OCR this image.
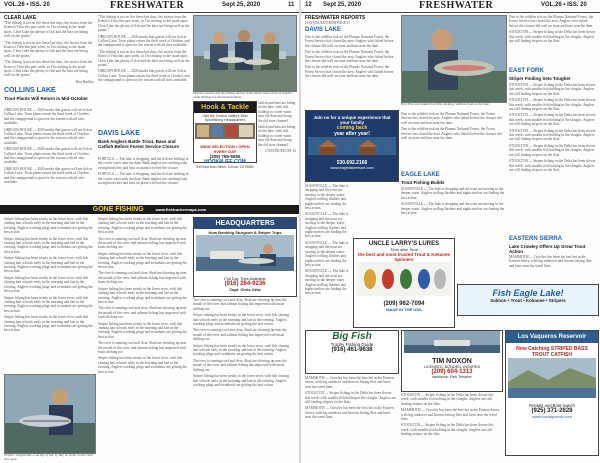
VOL.26 • ISS. 20	FRESHWATER	Sept 25, 2020	11
CLEAR LAKE

"The fishing is not on fire these last days, the stories from the Konocti Vista this past week, so I'm sticking to the usual spots. Clear Lake has plenty of fish and the bass are biting well on the points."

"The fishing is not on fire these last days, the stories from the Konocti Vista this past week, so I'm sticking to the usual spots. Clear Lake has plenty of fish and the bass are biting well on the points."

"The fishing is not on fire these last days, the stories from the Konocti Vista this past week, so I'm sticking to the usual spots. Clear Lake has plenty of fish and the bass are biting well on the points."

Dan Buckley
COLLINS LAKE
Trout Plants Will Return in Mid-October

OREGON HOUSE — 2020 marks that guests will see fish at Collins Lake. Trout plants return the third week of October, and the campground is open for the season with all sites available.

OREGON HOUSE — 2020 marks that guests will see fish at Collins Lake. Trout plants return the third week of October, and the campground is open for the season with all sites available.

OREGON HOUSE — 2020 marks that guests will see fish at Collins Lake. Trout plants return the third week of October, and the campground is open for the season with all sites available.

OREGON HOUSE — 2020 marks that guests will see fish at Collins Lake. Trout plants return the third week of October, and the campground is open for the season with all sites available.

"The fishing is not on fire these last days, the stories from the Konocti Vista this past week, so I'm sticking to the usual spots. Clear Lake has plenty of fish and the bass are biting well on the points."

OREGON HOUSE — 2020 marks that guests will see fish at Collins Lake. Trout plants return the third week of October, and the campground is open for the season with all sites available.

"The fishing is not on fire these last days, the stories from the Konocti Vista this past week, so I'm sticking to the usual spots. Clear Lake has plenty of fish and the bass are biting well on the points."

OREGON HOUSE — 2020 marks that guests will see fish at Collins Lake. Trout plants return the third week of October, and the campground is open for the season with all sites available.

DAVIS LAKE
Bank Anglers Battle Trout, Bass and Catfish Before Forest Service Closure

PORTOLA — The lake is dropping, and the fish are holding in the cooler water near the dam. Bank anglers are catching trout on nightcrawlers and bass on plastics before the closure.

PORTOLA — The lake is dropping, and the fish are holding in the cooler water near the dam. Bank anglers are catching trout on nightcrawlers and bass on plastics before the closure.

Stephen Garcia and his fishing partner from Dixon land a trio of stripers while drifting the Sacramento River.
Hook & Tackle
Visit the Central Valley's Best Sportfishing Headquarters
WIDE SELECTION • OPEN EVERY DAY
(209) 795-5555
HOOK4LIFE.COM
550 East Main Street, Turlock, CA 95380

catfish and bass are biting on the lake, with fish holding in cooler water near the dam and along the old river channel.

catfish and bass are biting on the lake, with fish holding in cooler water near the dam and along the old river channel.

CONTINUED ON 16

GONE FISHING	www.fishtrackermaps.com

Striper fishing has been steady in the lower river, with fish chasing bait schools early in the morning and late in the evening. Anglers working plugs and swimbaits are getting the best action.

Striper fishing has been steady in the lower river, with fish chasing bait schools early in the morning and late in the evening. Anglers working plugs and swimbaits are getting the best action.

Striper fishing has been steady in the lower river, with fish chasing bait schools early in the morning and late in the evening. Anglers working plugs and swimbaits are getting the best action.

Striper fishing has been steady in the lower river, with fish chasing bait schools early in the morning and late in the evening. Anglers working plugs and swimbaits are getting the best action.

Striper fishing has been steady in the lower river, with fish chasing bait schools early in the morning and late in the evening. Anglers working plugs and swimbaits are getting the best action.

Striper fishing has been steady in the lower river, with fish chasing bait schools early in the morning and late in the evening. Anglers working plugs and swimbaits are getting the best action.

Stripers will provide a variety of fun, by day or night, on the river this week.

Striper fishing has been steady in the lower river, with fish chasing bait schools early in the morning and late in the evening. Anglers working plugs and swimbaits are getting the best action.

The river is running cool and clear. Shad are showing up near the mouth of the river, and salmon fishing has improved with boats drifting roe.

Striper fishing has been steady in the lower river, with fish chasing bait schools early in the morning and late in the evening. Anglers working plugs and swimbaits are getting the best action.

The river is running cool and clear. Shad are showing up near the mouth of the river, and salmon fishing has improved with boats drifting roe.

Striper fishing has been steady in the lower river, with fish chasing bait schools early in the morning and late in the evening. Anglers working plugs and swimbaits are getting the best action.

The river is running cool and clear. Shad are showing up near the mouth of the river, and salmon fishing has improved with boats drifting roe.

Striper fishing has been steady in the lower river, with fish chasing bait schools early in the morning and late in the evening. Anglers working plugs and swimbaits are getting the best action.

The river is running cool and clear. Shad are showing up near the mouth of the river, and salmon fishing has improved with boats drifting roe.

Striper fishing has been steady in the lower river, with fish chasing bait schools early in the morning and late in the evening. Anglers working plugs and swimbaits are getting the best action.

HEADQUARTERS
Now Booking Sturgeon & Striper Trips
Full Day Trips Available
(916) 264-9236
Capt. Chris Ortiz

The river is running cool and clear. Shad are showing up near the mouth of the river, and salmon fishing has improved with boats drifting roe.

Striper fishing has been steady in the lower river, with fish chasing bait schools early in the morning and late in the evening. Anglers working plugs and swimbaits are getting the best action.

The river is running cool and clear. Shad are showing up near the mouth of the river, and salmon fishing has improved with boats drifting roe.

Striper fishing has been steady in the lower river, with fish chasing bait schools early in the morning and late in the evening. Anglers working plugs and swimbaits are getting the best action.

The river is running cool and clear. Shad are showing up near the mouth of the river, and salmon fishing has improved with boats drifting roe.

Striper fishing has been steady in the lower river, with fish chasing bait schools early in the morning and late in the evening. Anglers working plugs and swimbaits are getting the best action.

12 Sept 25, 2020	FRESHWATER	VOL.26 • ISS. 20
FRESHWATER REPORTS
CONTINUED FROM PAGE 11
DAVIS LAKE

Due to the wildfire risk on the Plumas National Forest, the Forest Service has closed the area. Anglers who fished before the closure did well on trout and bass near the dam.

Due to the wildfire risk on the Plumas National Forest, the Forest Service has closed the area. Anglers who fished before the closure did well on trout and bass near the dam.

Due to the wildfire risk on the Plumas National Forest, the Forest Service has closed the area. Anglers who fished before the closure did well on trout and bass near the dam.

Nick Eberson landed this fishy-looking rainbow trout on the lake.

Due to the wildfire risk on the Plumas National Forest, the Forest Service has closed the area. Anglers who fished before the closure did well on trout and bass near the dam.

STOCKTON — Striper fishing in the Delta has been slower this week, with smaller fish holding in the sloughs. Anglers are still finding stripers on the flats.

EAST FORK
Striper Finding Sets Tougher

STOCKTON — Striper fishing in the Delta has been slower this week, with smaller fish holding in the sloughs. Anglers are still finding stripers on the flats.

STOCKTON — Striper fishing in the Delta has been slower this week, with smaller fish holding in the sloughs. Anglers are still finding stripers on the flats.

STOCKTON — Striper fishing in the Delta has been slower this week, with smaller fish holding in the sloughs. Anglers are still finding stripers on the flats.

STOCKTON — Striper fishing in the Delta has been slower this week, with smaller fish holding in the sloughs. Anglers are still finding stripers on the flats.

STOCKTON — Striper fishing in the Delta has been slower this week, with smaller fish holding in the sloughs. Anglers are still finding stripers on the flats.

STOCKTON — Striper fishing in the Delta has been slower this week, with smaller fish holding in the sloughs. Anglers are still finding stripers on the flats.

EASTERN SIERRA
Lake Crowley Offers Up Great Trout Action

MAMMOTH — Crowley has been the best bet in the Eastern Sierra, with big rainbows and browns hitting flies and lures near the weed lines.

Due to the wildfire risk on the Plumas National Forest, the Forest Service has closed the area. Anglers who fished before the closure did well on trout and bass near the dam.

Due to the wildfire risk on the Plumas National Forest, the Forest Service has closed the area. Anglers who fished before the closure did well on trout and bass near the dam.

Join us for a unique experience that your family
coming back
year after year!
530.692.2166
www.eaglelakeresort.com
EAGLE LAKE
Trout Fishing Builds

SUSANVILLE — The lake is dropping and the trout are moving to the deeper water. Anglers trolling flashers and nightcrawlers are finding the best action.

SUSANVILLE — The lake is dropping and the trout are moving to the deeper water. Anglers trolling flashers and nightcrawlers are finding the best action.

UNCLE LARRY'S LURES
Time after Time
the best and most trusted Trout & Kokanee Spinners
(209) 962-7094
MADE IN THE USA

SUSANVILLE — The lake is dropping and the trout are moving to the deeper water. Anglers trolling flashers and nightcrawlers are finding the best action.

SUSANVILLE — The lake is dropping and the trout are moving to the deeper water. Anglers trolling flashers and nightcrawlers are finding the best action.

SUSANVILLE — The lake is dropping and the trout are moving to the deeper water. Anglers trolling flashers and nightcrawlers are finding the best action.

SUSANVILLE — The lake is dropping and the trout are moving to the deeper water. Anglers trolling flashers and nightcrawlers are finding the best action.	Fish Eagle Lake!
Salmon • Trout • Kokanee • Stripers
Big Fish
Trophy Fishing Guide
(916) 461-9638
TIM NOXON
LICENSED, BONDED, INSURED
(209) 604-1313
facebook: Fish Traveler
Los Vaqueros Reservoir
Now Catching STRIPED BASS TROUT CATFISH
Rentals and Boat launch
(925) 371-2628
www.losvaqueros.com

MAMMOTH — Crowley has been the best bet in the Eastern Sierra, with big rainbows and browns hitting flies and lures near the weed lines.

STOCKTON — Striper fishing in the Delta has been slower this week, with smaller fish holding in the sloughs. Anglers are still finding stripers on the flats.

MAMMOTH — Crowley has been the best bet in the Eastern Sierra, with big rainbows and browns hitting flies and lures near the weed lines.

STOCKTON — Striper fishing in the Delta has been slower this week, with smaller fish holding in the sloughs. Anglers are still finding stripers on the flats.

MAMMOTH — Crowley has been the best bet in the Eastern Sierra, with big rainbows and browns hitting flies and lures near the weed lines.

STOCKTON — Striper fishing in the Delta has been slower this week, with smaller fish holding in the sloughs. Anglers are still finding stripers on the flats.
